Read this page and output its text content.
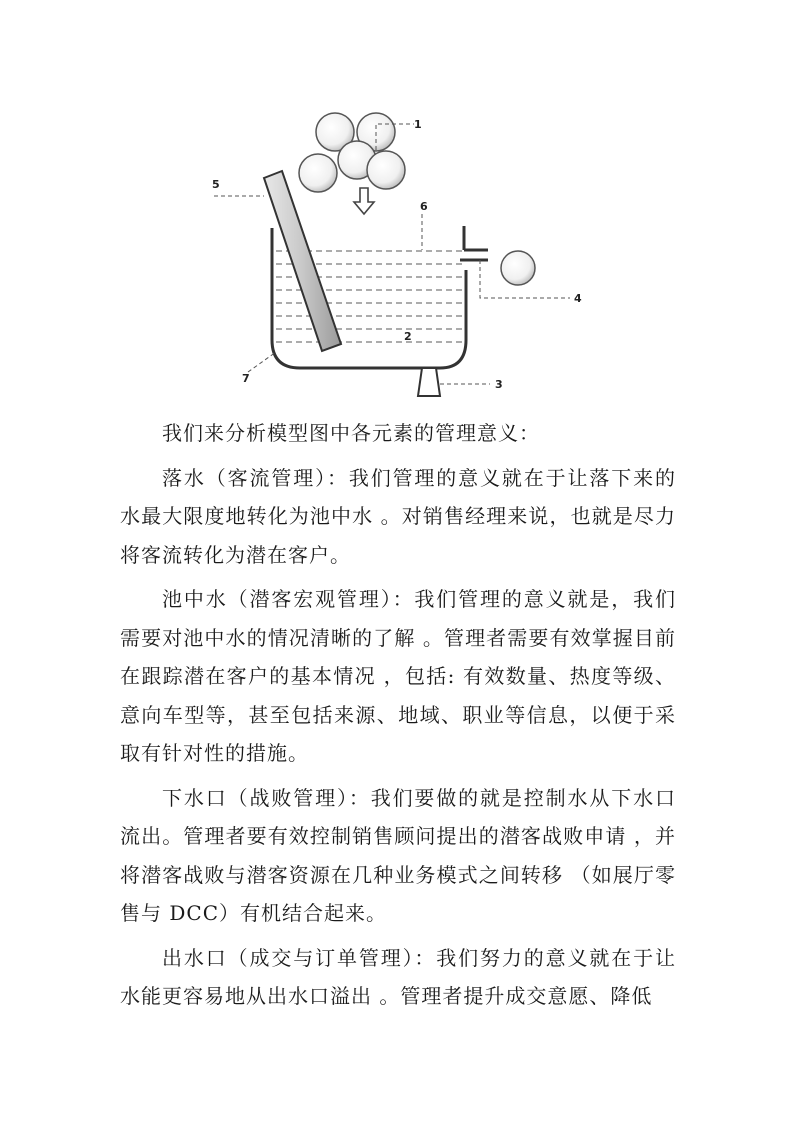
1
2
3
4
5
6
7

我们来分析模型图中各元素的管理意义：

落水（客流管理）：我们管理的意义就在于让落下来的水最大限度地转化为池中水 。对销售经理来说，也就是尽力将客流转化为潜在客户。

池中水（潜客宏观管理）：我们管理的意义就是，我们需要对池中水的情况清晰的了解 。管理者需要有效掌握目前在跟踪潜在客户的基本情况 ，包括: 有效数量、热度等级、意向车型等，甚至包括来源、地域、职业等信息，以便于采取有针对性的措施。

下水口（战败管理）：我们要做的就是控制水从下水口流出。管理者要有效控制销售顾问提出的潜客战败申请 ，并将潜客战败与潜客资源在几种业务模式之间转移 （如展厅零售与 DCC）有机结合起来。

出水口（成交与订单管理）：我们努力的意义就在于让水能更容易地从出水口溢出 。管理者提升成交意愿、降低
